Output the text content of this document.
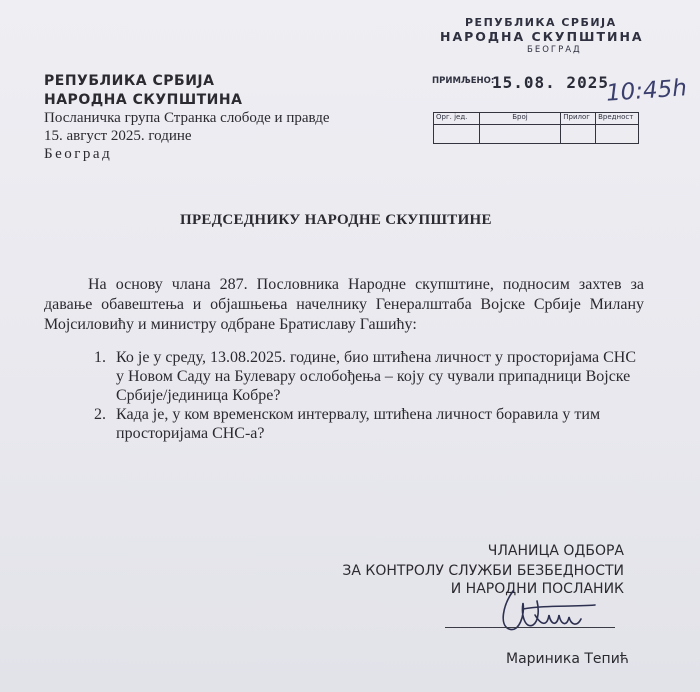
РЕПУБЛИКА СРБИЈА
НАРОДНА СКУПШТИНА
БЕОГРАД
ПРИМЉЕНО:
15.08. 2025
10:45h
Орг. јед.	Број	Прилог	Вредност

РЕПУБЛИКА СРБИЈА
НАРОДНА СКУПШТИНА
Посланичка група Странка слободе и правде
15. август 2025. године
Београд
ПРЕДСЕДНИКУ НАРОДНЕ СКУПШТИНЕ
На основу члана 287. Пословника Народне скупштине, подносим захтев за давање обавештења и објашњења начелнику Генералштаба Војске Србије Милану Мојсиловићу и министру одбране Братиславу Гашићу:
1. Ко је у среду, 13.08.2025. године, био штићена личност у просторијама СНС у Новом Саду на Булевару ослобођења – коју су чували припадници Војске Србије/јединица Кобре?
2. Када је, у ком временском интервалу, штићена личност боравила у тим просторијама СНС-а?
ЧЛАНИЦА ОДБОРА
ЗА КОНТРОЛУ СЛУЖБИ БЕЗБЕДНОСТИ
И НАРОДНИ ПОСЛАНИК
Мариника Тепић
